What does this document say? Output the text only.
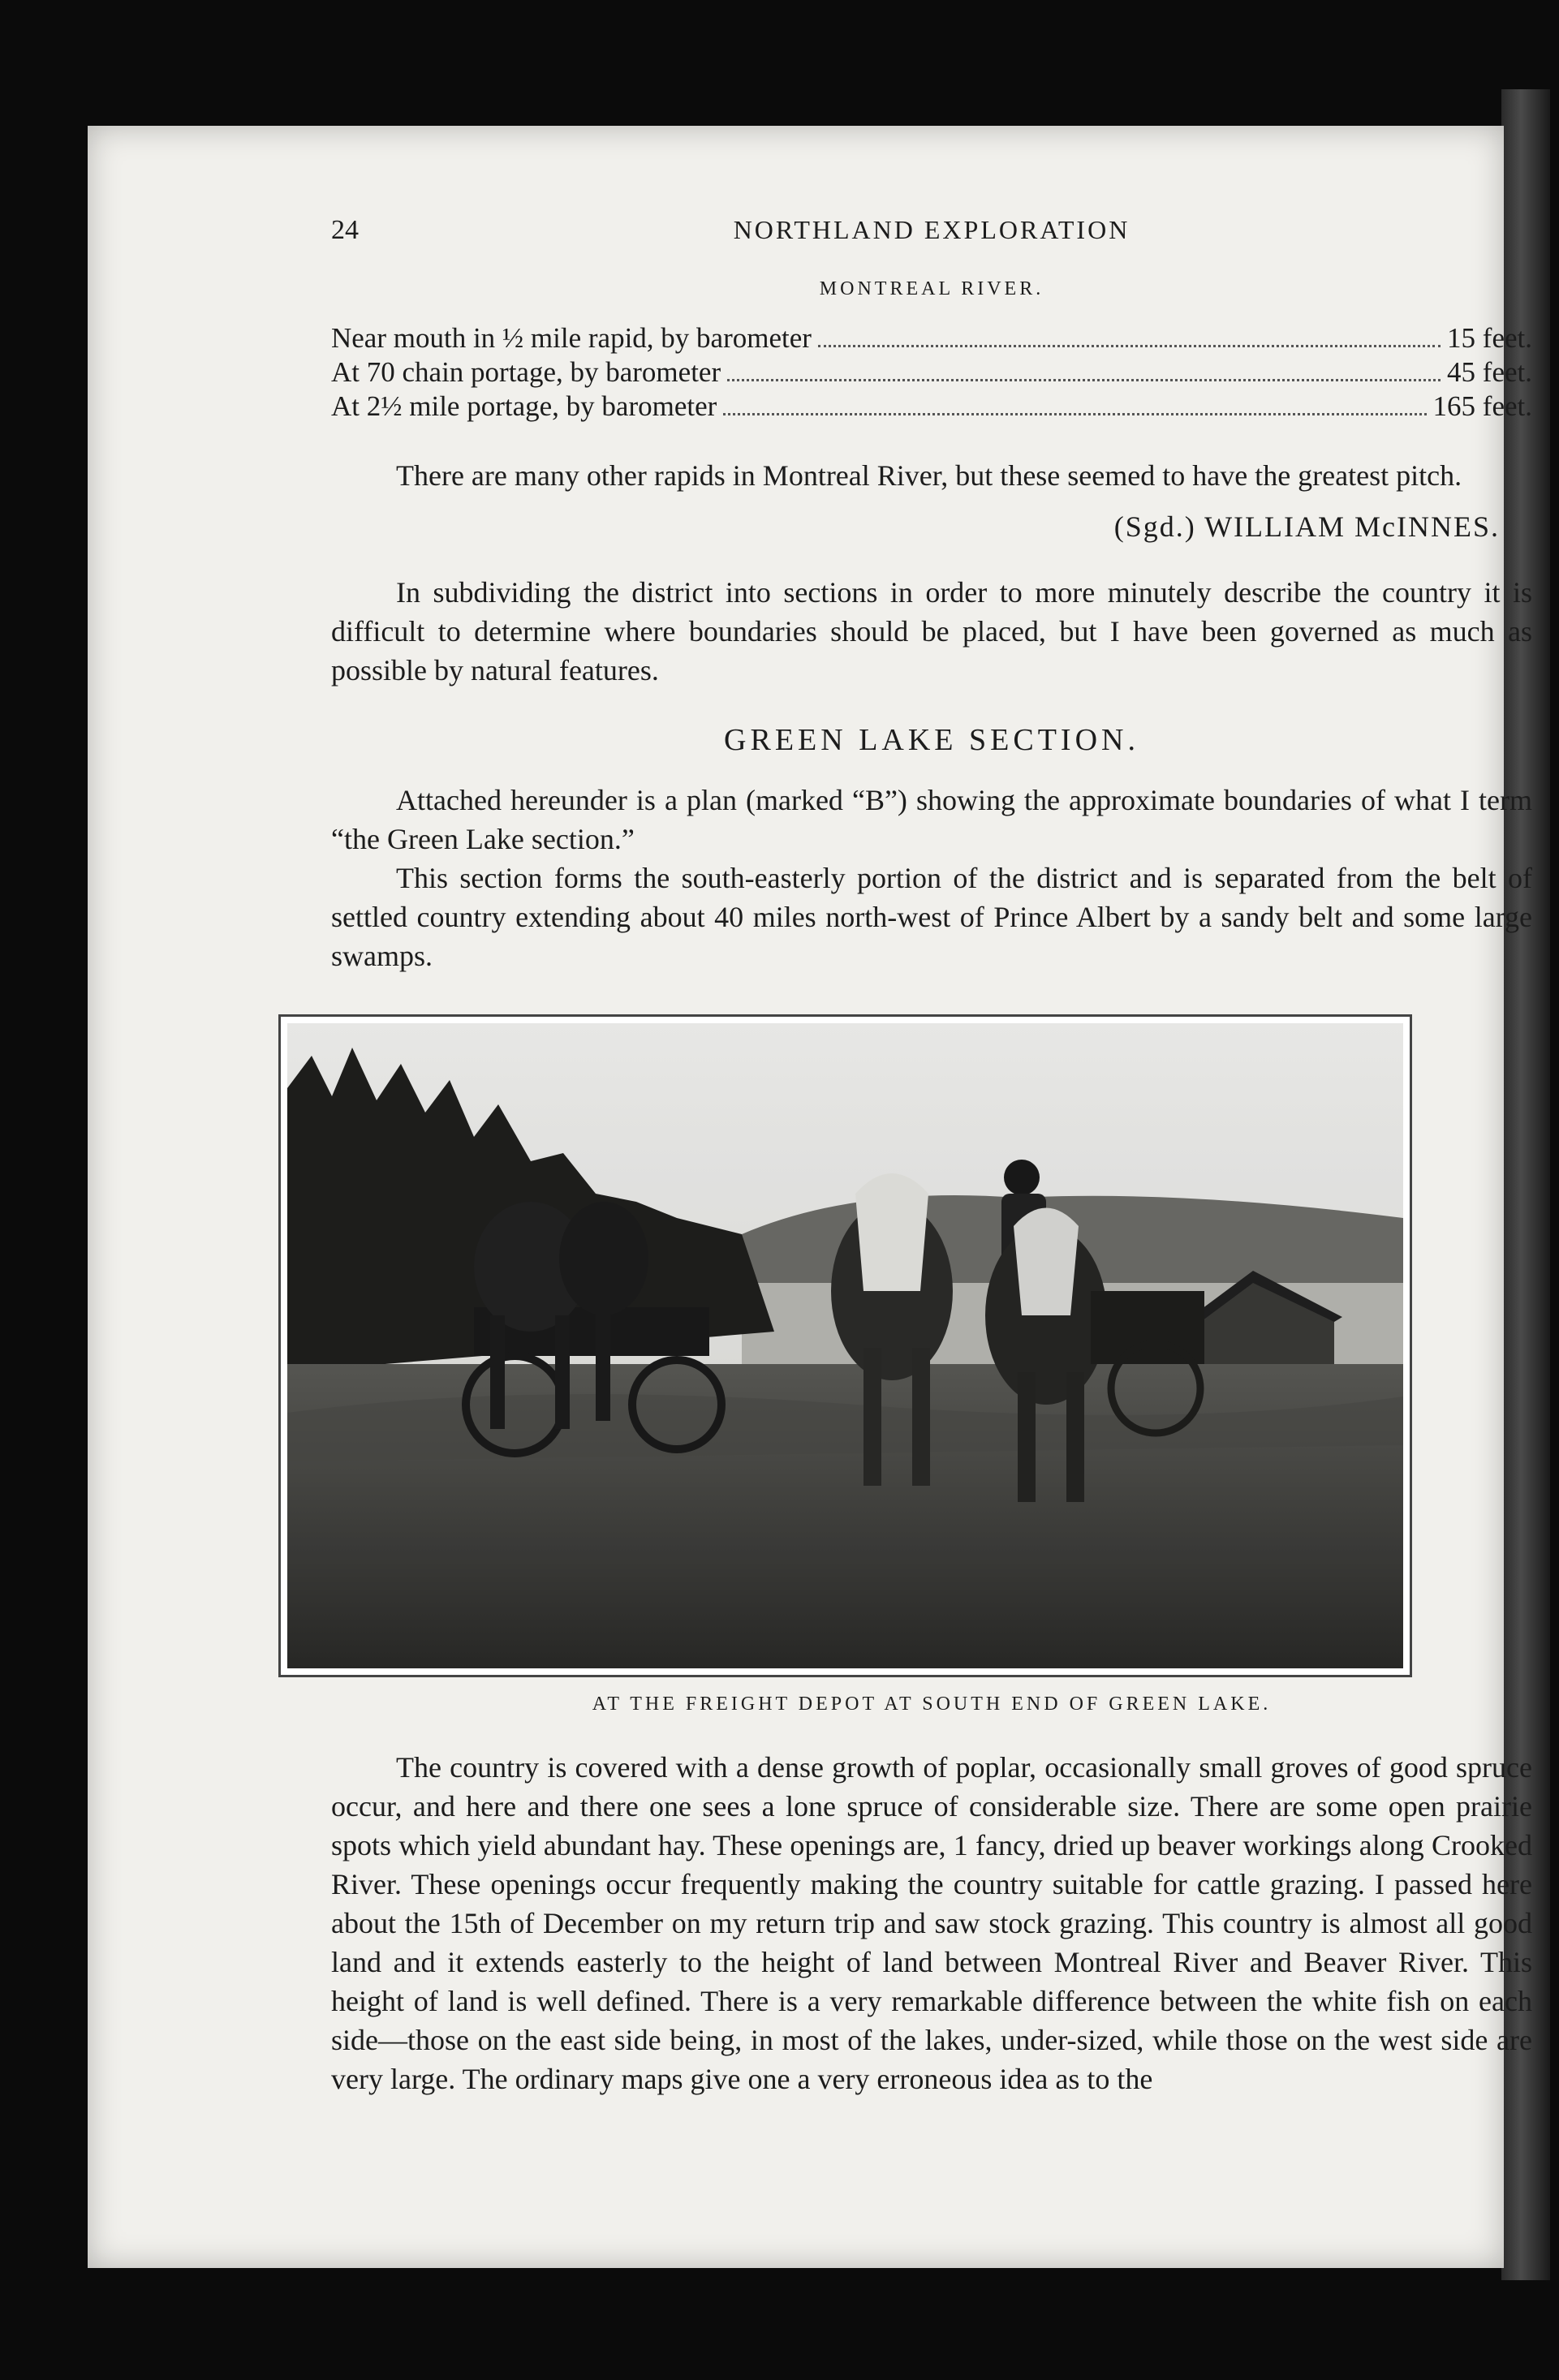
24	NORTHLAND EXPLORATION
MONTREAL RIVER.
Near mouth in ½ mile rapid, by barometer	15 feet.
At 70 chain portage, by barometer	45 feet.
At 2½ mile portage, by barometer	165 feet.

There are many other rapids in Montreal River, but these seemed to have the greatest pitch.

(Sgd.) WILLIAM McINNES.

In subdividing the district into sections in order to more minutely describe the country it is difficult to determine where boundaries should be placed, but I have been governed as much as possible by natural features.

GREEN LAKE SECTION.

Attached hereunder is a plan (marked “B”) showing the approximate boundaries of what I term “the Green Lake section.”

This section forms the south-easterly portion of the district and is separated from the belt of settled country extending about 40 miles north-west of Prince Albert by a sandy belt and some large swamps.

AT THE FREIGHT DEPOT AT SOUTH END OF GREEN LAKE.

The country is covered with a dense growth of poplar, occasionally small groves of good spruce occur, and here and there one sees a lone spruce of considerable size. There are some open prairie spots which yield abundant hay. These openings are, 1 fancy, dried up beaver workings along Crooked River. These openings occur frequently making the country suitable for cattle grazing. I passed here about the 15th of December on my return trip and saw stock grazing. This country is almost all good land and it extends easterly to the height of land between Montreal River and Beaver River. This height of land is well defined. There is a very remarkable difference between the white fish on each side—those on the east side being, in most of the lakes, under-sized, while those on the west side are very large. The ordinary maps give one a very erroneous idea as to the
